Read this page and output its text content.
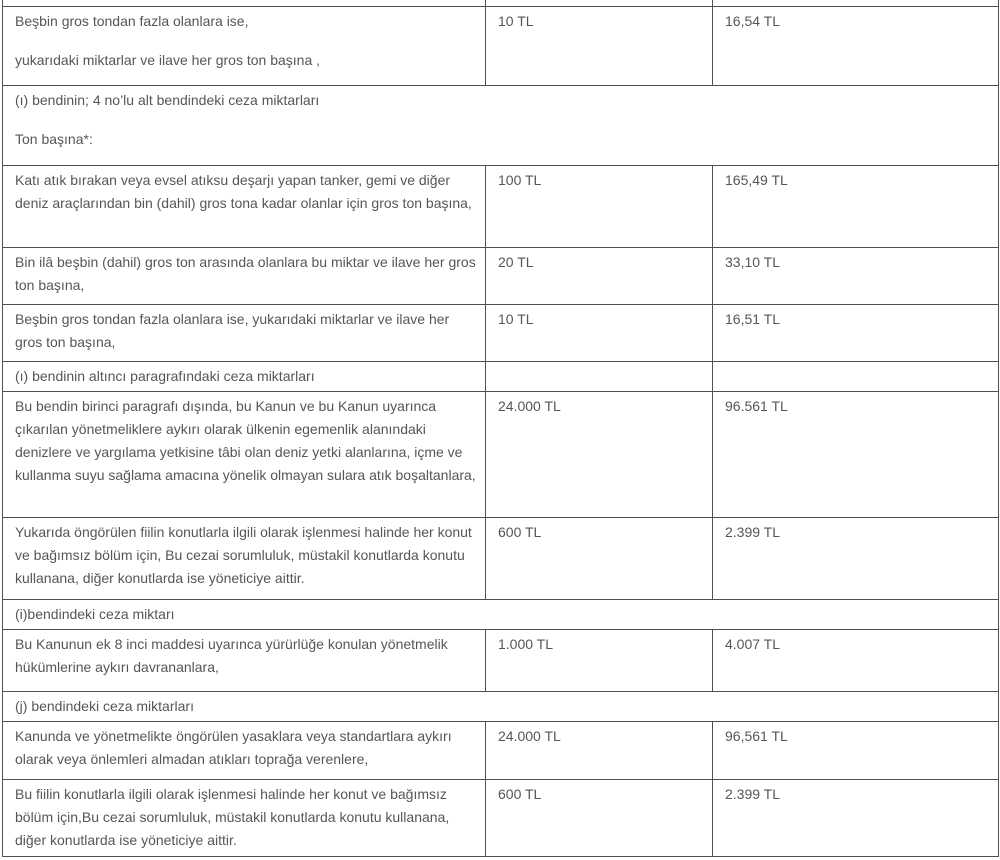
Beşbin gros tondan fazla olanlara ise,

yukarıdaki miktarlar ve ilave her gros ton başına ,	10 TL	16,54 TL

(ı) bendinin; 4 no’lu alt bendindeki ceza miktarları

Ton başına*:		

Katı atık bırakan veya evsel atıksu deşarjı yapan tanker, gemi ve diğer deniz araçlarından bin (dahil) gros tona kadar olanlar için gros ton başına,	100 TL	165,49 TL

Bin ilâ beşbin (dahil) gros ton arasında olanlara bu miktar ve ilave her gros ton başına,	20 TL	33,10 TL

Beşbin gros tondan fazla olanlara ise, yukarıdaki miktarlar ve ilave her gros ton başına,	10 TL	16,51 TL

(ı) bendinin altıncı paragrafındaki ceza miktarları		

Bu bendin birinci paragrafı dışında, bu Kanun ve bu Kanun uyarınca çıkarılan yönetmeliklere aykırı olarak ülkenin egemenlik alanındaki denizlere ve yargılama yetkisine tâbi olan deniz yetki alanlarına, içme ve kullanma suyu sağlama amacına yönelik olmayan sulara atık boşaltanlara,	24.000 TL	96.561 TL

Yukarıda öngörülen fiilin konutlarla ilgili olarak işlenmesi halinde her konut ve bağımsız bölüm için, Bu cezai sorumluluk, müstakil konutlarda konutu kullanana, diğer konutlarda ise yöneticiye aittir.	600 TL	2.399 TL

(i)bendindeki ceza miktarı		

Bu Kanunun ek 8 inci maddesi uyarınca yürürlüğe konulan yönetmelik hükümlerine aykırı davrananlara,	1.000 TL	4.007 TL

(j) bendindeki ceza miktarları		

Kanunda ve yönetmelikte öngörülen yasaklara veya standartlara aykırı olarak veya önlemleri almadan atıkları toprağa verenlere,	24.000 TL	96,561 TL

Bu fiilin konutlarla ilgili olarak işlenmesi halinde her konut ve bağımsız bölüm için,Bu cezai sorumluluk, müstakil konutlarda konutu kullanana, diğer konutlarda ise yöneticiye aittir.	600 TL	2.399 TL
